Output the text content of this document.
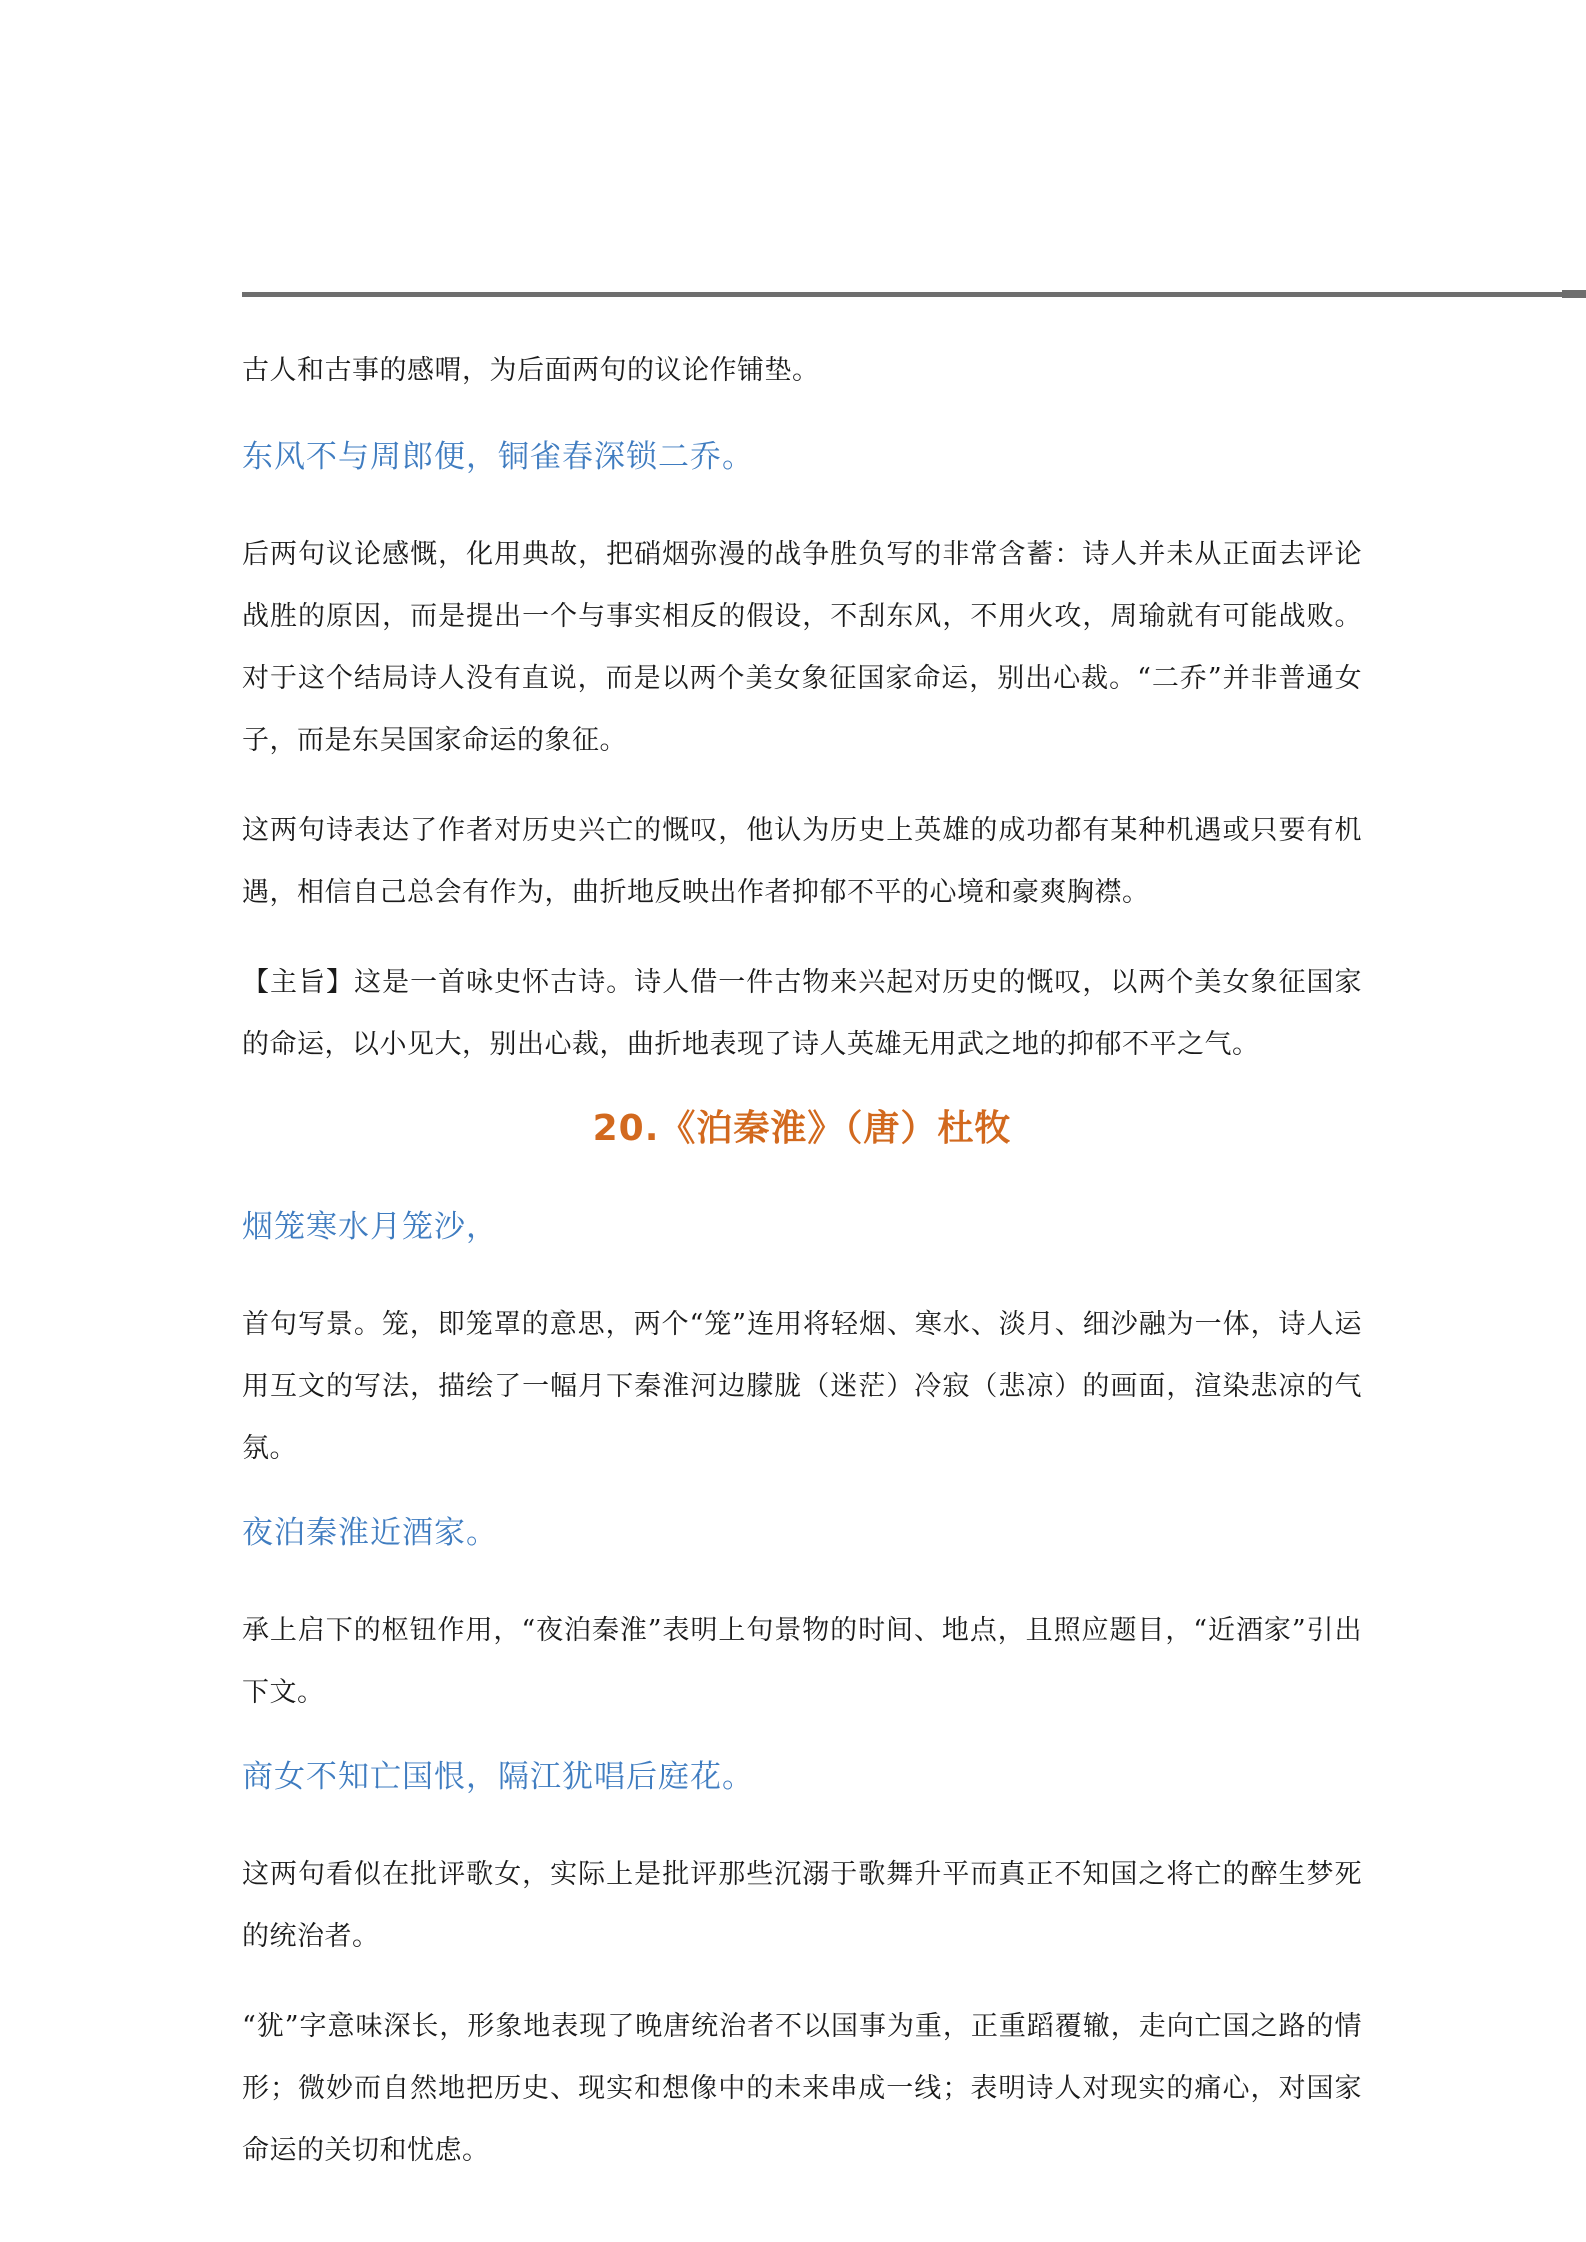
古人和古事的感喟，为后面两句的议论作铺垫。

东风不与周郎便，铜雀春深锁二乔。

后两句议论感慨，化用典故，把硝烟弥漫的战争胜负写的非常含蓄：诗人并未从正面去评论战胜的原因，而是提出一个与事实相反的假设，不刮东风，不用火攻，周瑜就有可能战败。对于这个结局诗人没有直说，而是以两个美女象征国家命运，别出心裁。“二乔”并非普通女子，而是东吴国家命运的象征。

这两句诗表达了作者对历史兴亡的慨叹，他认为历史上英雄的成功都有某种机遇或只要有机遇，相信自己总会有作为，曲折地反映出作者抑郁不平的心境和豪爽胸襟。

【主旨】这是一首咏史怀古诗。诗人借一件古物来兴起对历史的慨叹，以两个美女象征国家的命运，以小见大，别出心裁，曲折地表现了诗人英雄无用武之地的抑郁不平之气。

20.《泊秦淮》（唐）杜牧

烟笼寒水月笼沙，

首句写景。笼，即笼罩的意思，两个“笼”连用将轻烟、寒水、淡月、细沙融为一体，诗人运用互文的写法，描绘了一幅月下秦淮河边朦胧（迷茫）冷寂（悲凉）的画面，渲染悲凉的气氛。

夜泊秦淮近酒家。

承上启下的枢钮作用，“夜泊秦淮”表明上句景物的时间、地点，且照应题目，“近酒家”引出下文。

商女不知亡国恨，隔江犹唱后庭花。

这两句看似在批评歌女，实际上是批评那些沉溺于歌舞升平而真正不知国之将亡的醉生梦死的统治者。

“犹”字意味深长，形象地表现了晚唐统治者不以国事为重，正重蹈覆辙，走向亡国之路的情形；微妙而自然地把历史、现实和想像中的未来串成一线；表明诗人对现实的痛心，对国家命运的关切和忧虑。
